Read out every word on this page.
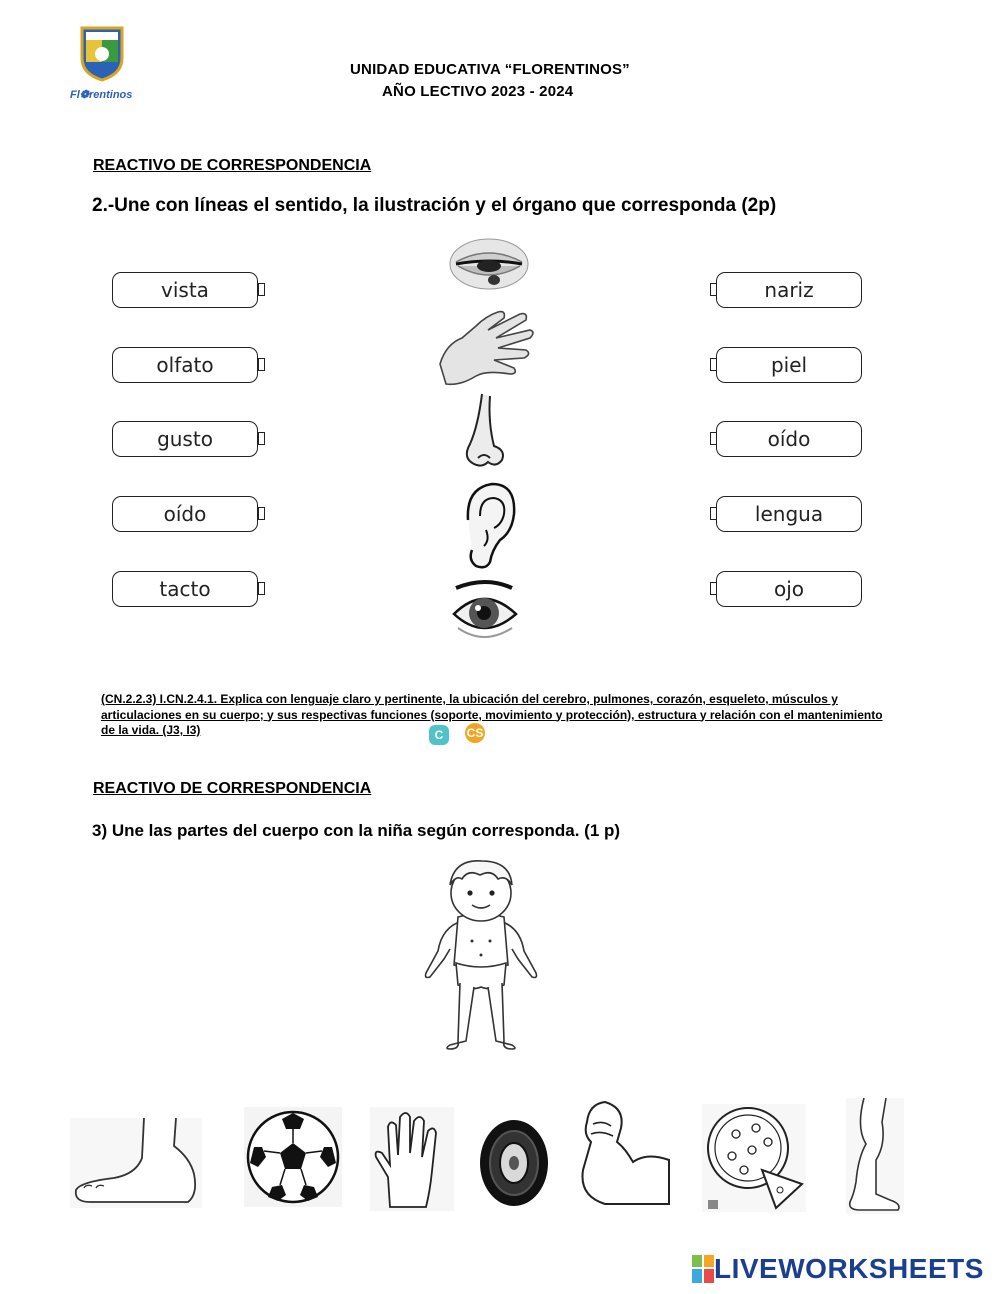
Fl❁rentinos
UNIDAD EDUCATIVA “FLORENTINOS”
AÑO LECTIVO 2023 - 2024
REACTIVO DE CORRESPONDENCIA
2.-Une con líneas el sentido, la ilustración y el órgano que corresponda (2p)
vista
olfato
gusto
oído
tacto
nariz
piel
oído
lengua
ojo
(CN.2.2.3) I.CN.2.4.1. Explica con lenguaje claro y pertinente, la ubicación del cerebro, pulmones, corazón, esqueleto, músculos y articulaciones en su cuerpo; y sus respectivas funciones (soporte, movimiento y protección), estructura y relación con el mantenimiento de la vida. (J3, I3)	C	CS
REACTIVO DE CORRESPONDENCIA
3) Une las partes del cuerpo con la niña según corresponda. (1 p)
LIVEWORKSHEETS
